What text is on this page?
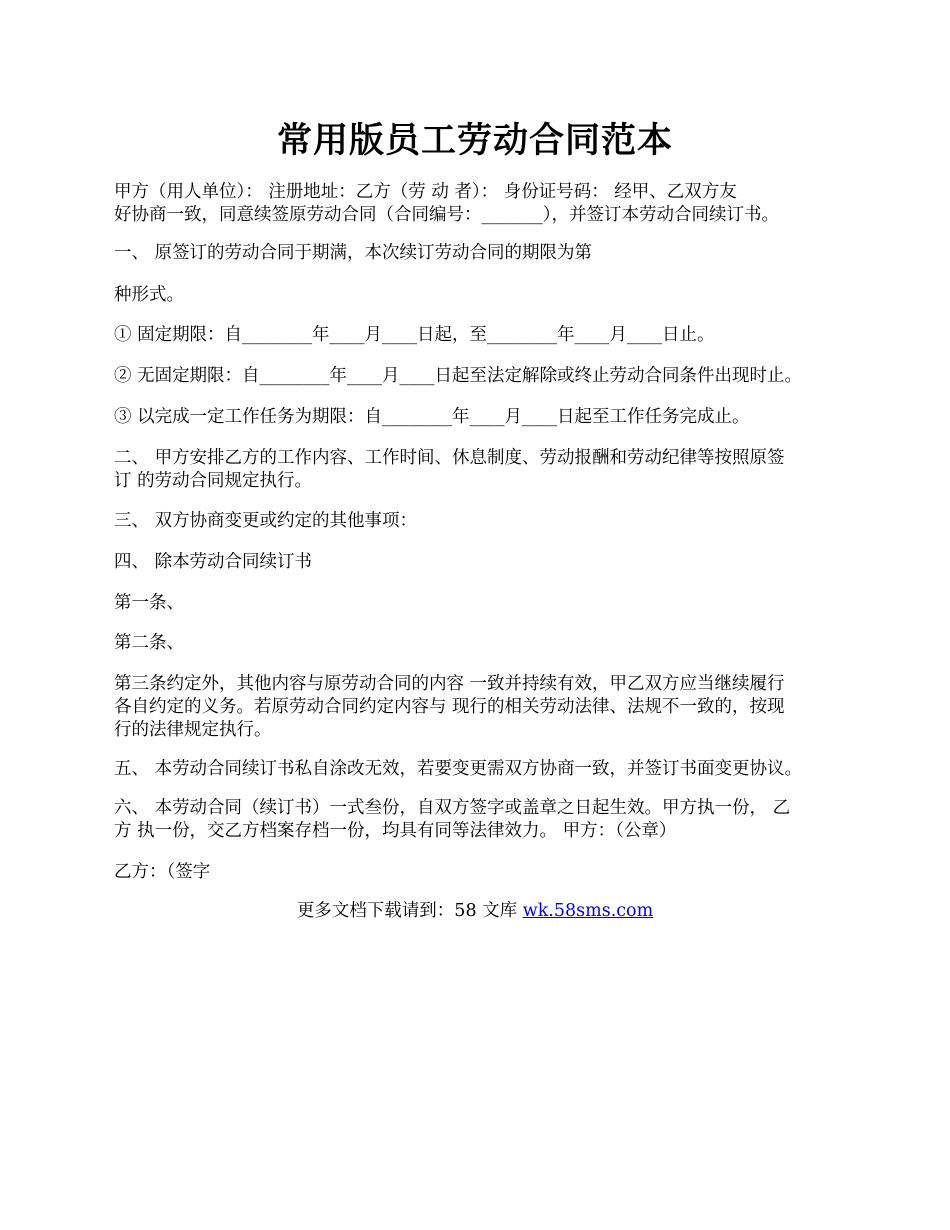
常用版员工劳动合同范本
甲方（用人单位）： 注册地址：乙方（劳 动 者）： 身份证号码： 经甲、乙双方友
好协商一致，同意续签原劳动合同（合同编号：_______），并签订本劳动合同续订书。
一、 原签订的劳动合同于期满，本次续订劳动合同的期限为第
种形式。
① 固定期限：自________年____月____日起，至________年____月____日止。
② 无固定期限：自________年____月____日起至法定解除或终止劳动合同条件出现时止。
③ 以完成一定工作任务为期限：自________年____月____日起至工作任务完成止。
二、 甲方安排乙方的工作内容、工作时间、休息制度、劳动报酬和劳动纪律等按照原签
订 的劳动合同规定执行。
三、 双方协商变更或约定的其他事项：
四、 除本劳动合同续订书
第一条、
第二条、
第三条约定外，其他内容与原劳动合同的内容 一致并持续有效，甲乙双方应当继续履行
各自约定的义务。若原劳动合同约定内容与 现行的相关劳动法律、法规不一致的，按现
行的法律规定执行。
五、 本劳动合同续订书私自涂改无效，若要变更需双方协商一致，并签订书面变更协议。
六、 本劳动合同（续订书）一式叁份，自双方签字或盖章之日起生效。甲方执一份， 乙
方 执一份，交乙方档案存档一份，均具有同等法律效力。 甲方：（公章）
乙方：（签字
更多文档下载请到：58 文库 wk.58sms.com
